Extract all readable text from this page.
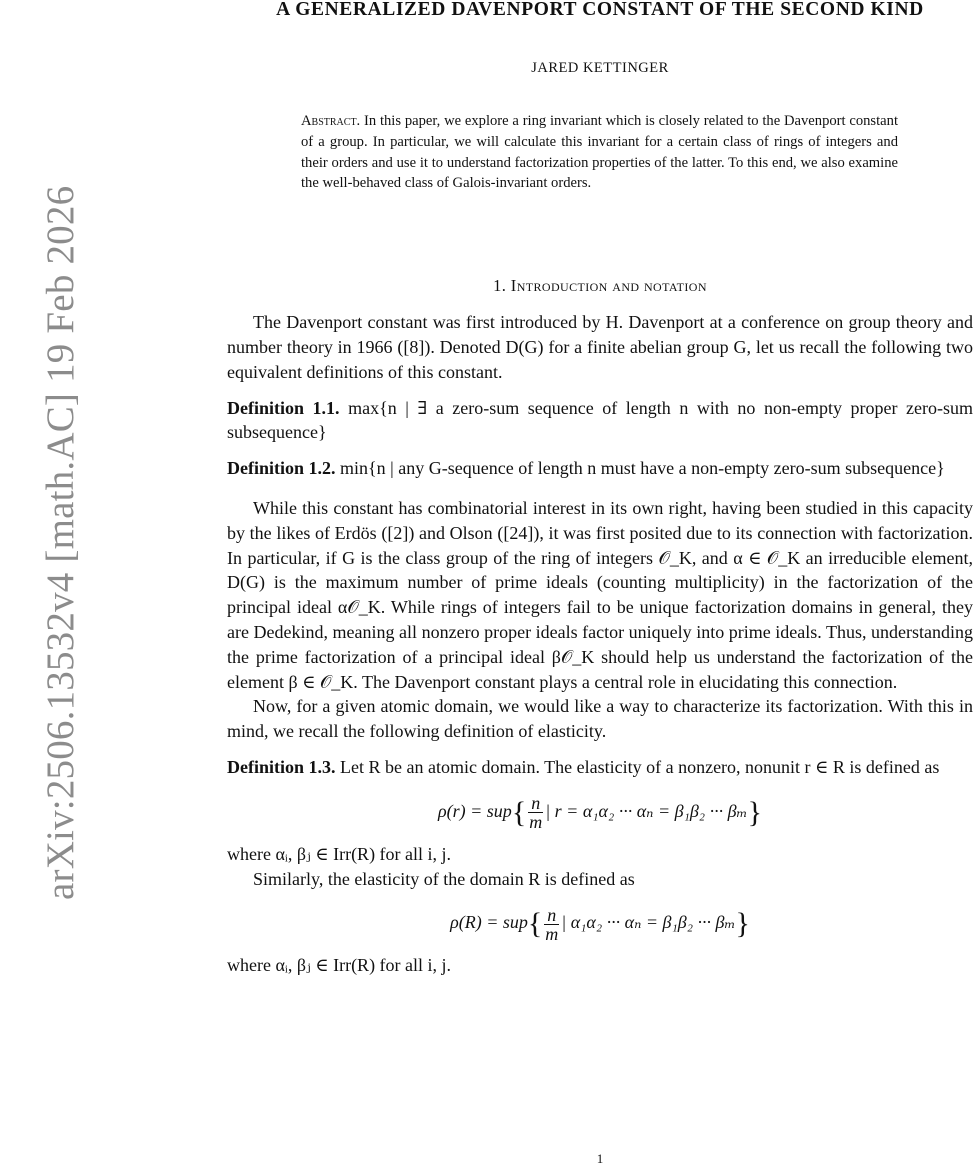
arXiv:2506.13532v4 [math.AC] 19 Feb 2026
A GENERALIZED DAVENPORT CONSTANT OF THE SECOND KIND
JARED KETTINGER
Abstract. In this paper, we explore a ring invariant which is closely related to the Davenport constant of a group. In particular, we will calculate this invariant for a certain class of rings of integers and their orders and use it to understand factorization properties of the latter. To this end, we also examine the well-behaved class of Galois-invariant orders.
1. Introduction and notation

The Davenport constant was first introduced by H. Davenport at a conference on group theory and number theory in 1966 ([8]). Denoted D(G) for a finite abelian group G, let us recall the following two equivalent definitions of this constant.

Definition 1.1. max{n | ∃ a zero-sum sequence of length n with no non-empty proper zero-sum subsequence}

Definition 1.2. min{n | any G-sequence of length n must have a non-empty zero-sum subsequence}

While this constant has combinatorial interest in its own right, having been studied in this capacity by the likes of Erdös ([2]) and Olson ([24]), it was first posited due to its connection with factorization. In particular, if G is the class group of the ring of integers 𝒪_K, and α ∈ 𝒪_K an irreducible element, D(G) is the maximum number of prime ideals (counting multiplicity) in the factorization of the principal ideal α𝒪_K. While rings of integers fail to be unique factorization domains in general, they are Dedekind, meaning all nonzero proper ideals factor uniquely into prime ideals. Thus, understanding the prime factorization of a principal ideal β𝒪_K should help us understand the factorization of the element β ∈ 𝒪_K. The Davenport constant plays a central role in elucidating this connection.

Now, for a given atomic domain, we would like a way to characterize its factorization. With this in mind, we recall the following definition of elasticity.

Definition 1.3. Let R be an atomic domain. The elasticity of a nonzero, nonunit r ∈ R is defined as

$\rho(r) = sup\{ \frac{n}{m}$ | r = α₁α₂ ··· αₙ = β₁β₂ ··· βₘ}

where αᵢ, βⱼ ∈ Irr(R) for all i, j.

Similarly, the elasticity of the domain R is defined as

$\rho(R) = sup\{ \frac{n}{m}$ | α₁α₂ ··· αₙ = β₁β₂ ··· βₘ}

where αᵢ, βⱼ ∈ Irr(R) for all i, j.

1
